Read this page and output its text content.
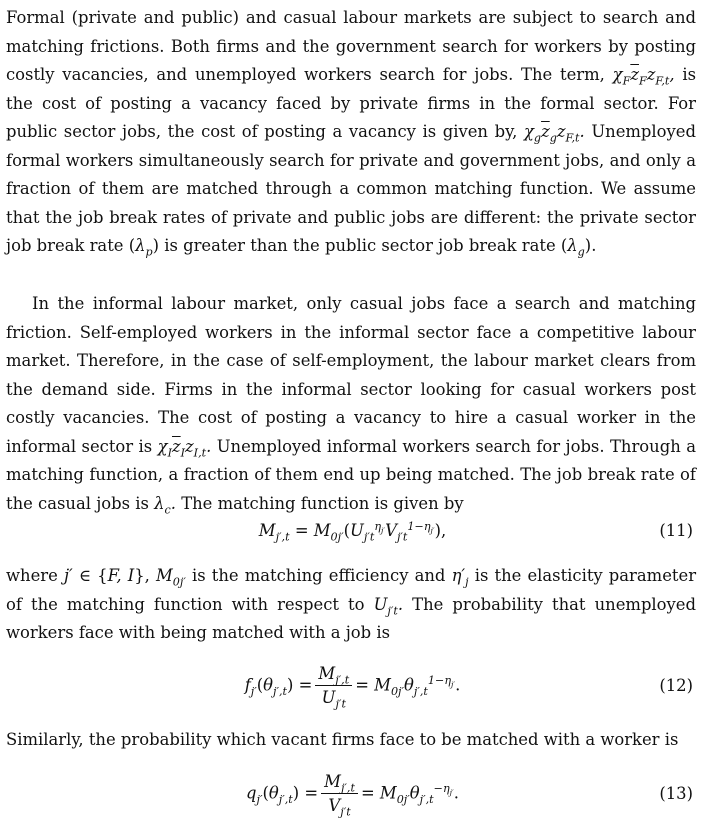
Formal (private and public) and casual labour markets are subject to search and matching frictions. Both firms and the government search for workers by posting costly vacancies, and unemployed workers search for jobs. The term, $\chi_F\overline{z}_Fz_{F,t}$, is the cost of posting a vacancy faced by private firms in the formal sector. For public sector jobs, the cost of posting a vacancy is given by, $\chi_g\overline{z}_gz_{F,t}$. Unemployed formal workers simultaneously search for private and government jobs, and only a fraction of them are matched through a common matching function. We assume that the job break rates of private and public jobs are different: the private sector job break rate $(\lambda_p)$ is greater than the public sector job break rate $(\lambda_g)$.

In the informal labour market, only casual jobs face a search and matching friction. Self-employed workers in the informal sector face a competitive labour market. Therefore, in the case of self-employment, the labour market clears from the demand side. Firms in the informal sector looking for casual workers post costly vacancies. The cost of posting a vacancy to hire a casual worker in the informal sector is $\chi_I\overline{z}_Iz_{I,t}$. Unemployed informal workers search for jobs. Through a matching function, a fraction of them end up being matched. The job break rate of the casual jobs is $\lambda_c$. The matching function is given by

$M_{j',t} = M_{0j'}(U_{j't}^{\eta_{j'}}V_{j't}^{1-\eta_{j'}})$,	(11)

where j′ ∈ {F, I}, $M_{0j'}$ is the matching efficiency and $\eta'_j$ is the elasticity parameter of the matching function with respect to $U_{j't}$. The probability that unemployed workers face with being matched with a job is

$f_{j'}(\theta_{j',t}) = \frac{M_{j',t}}{U_{j't}} = M_{0j'}\theta_{j',t}^{1-\eta_{j'}}$.	(12)

Similarly, the probability which vacant firms face to be matched with a worker is

$q_{j'}(\theta_{j',t}) = \frac{M_{j',t}}{V_{j't}} = M_{0j'}\theta_{j',t}^{-\eta_{j'}}$.	(13)
